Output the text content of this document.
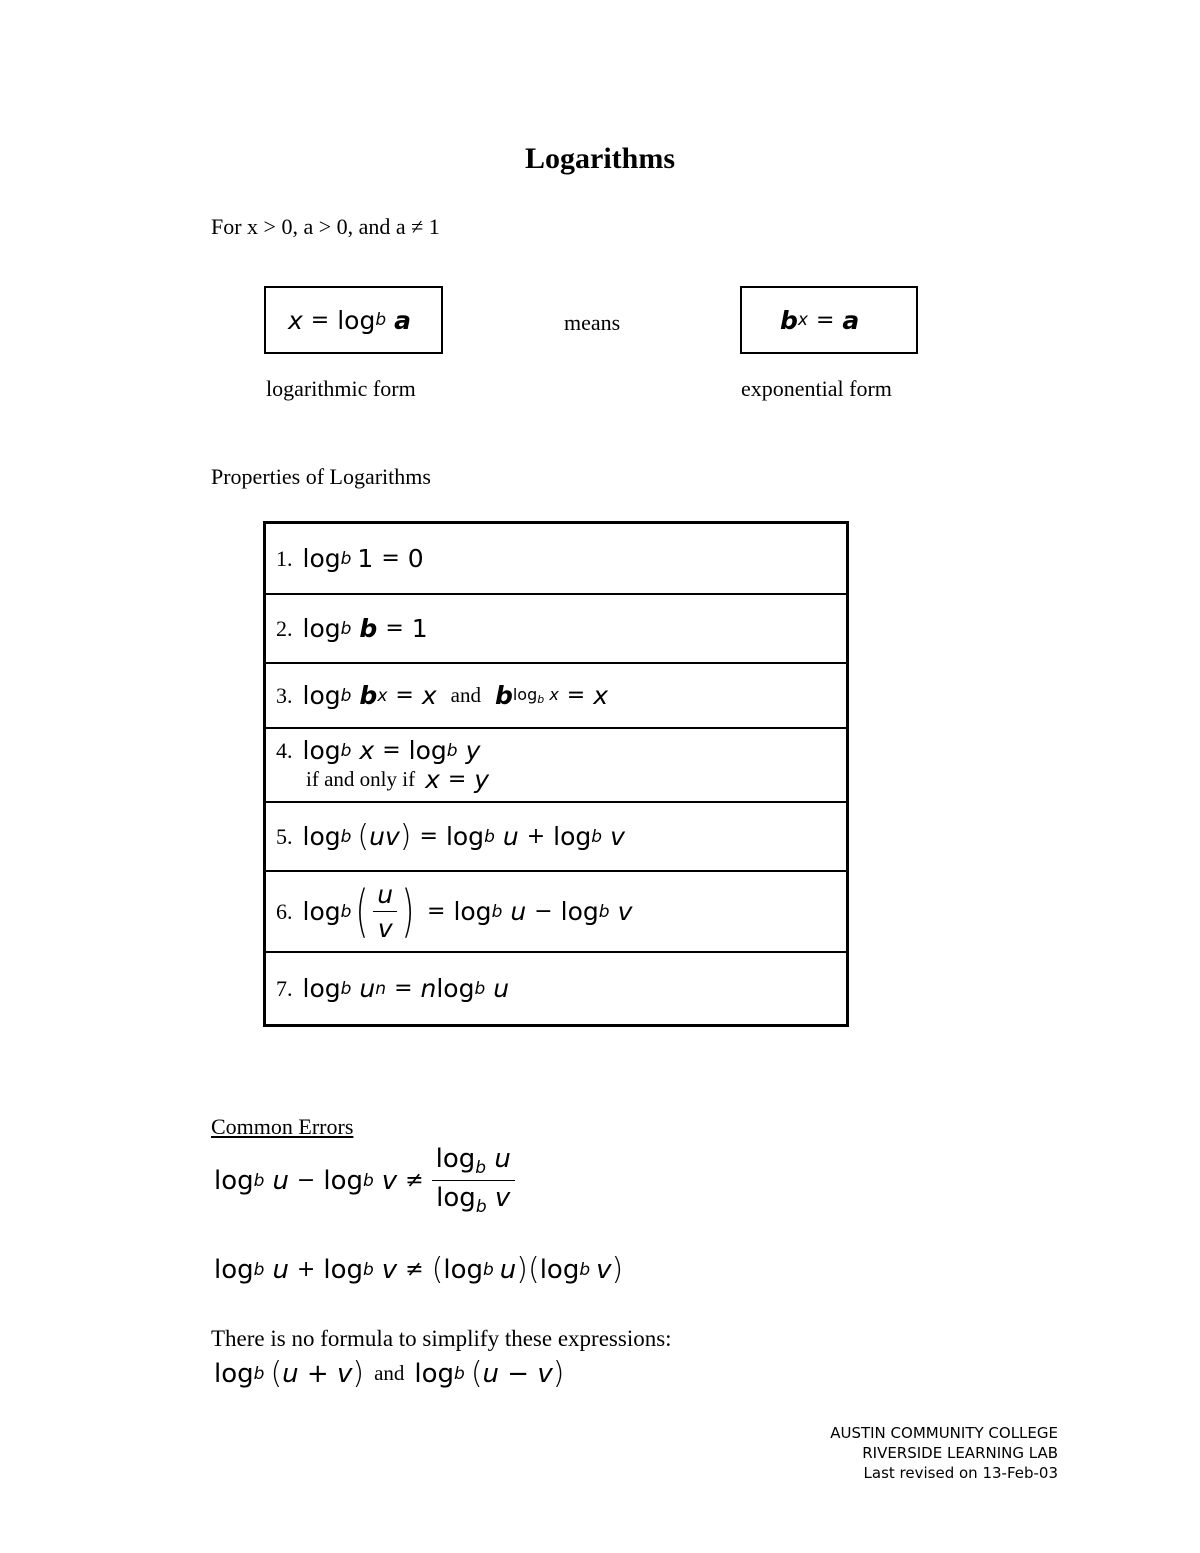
Logarithms
For x > 0, a > 0, and a ≠ 1
x = log b a	means	b x = a
logarithmic form	exponential form
Properties of Logarithms
1. log b 1 = 0
2. log b b = 1
3. log b b x = x and b logb x = x
4. log b x = log b y
if and only if x = y
5. log b ( uv ) = log b u + log b v
6. log b ( $\frac{u}{v}$ ) = log b u − log b v
7. log b u n = n log b u
Common Errors
log b u − log b $v \ne \frac{\log_b u}{\log_b v}$
log b u + log b v ≠ ( log b u ) ( log b v )
There is no formula to simplify these expressions:
log b ( u + v ) and log b ( u − v )
AUSTIN COMMUNITY COLLEGE
RIVERSIDE LEARNING LAB
Last revised on 13-Feb-03
